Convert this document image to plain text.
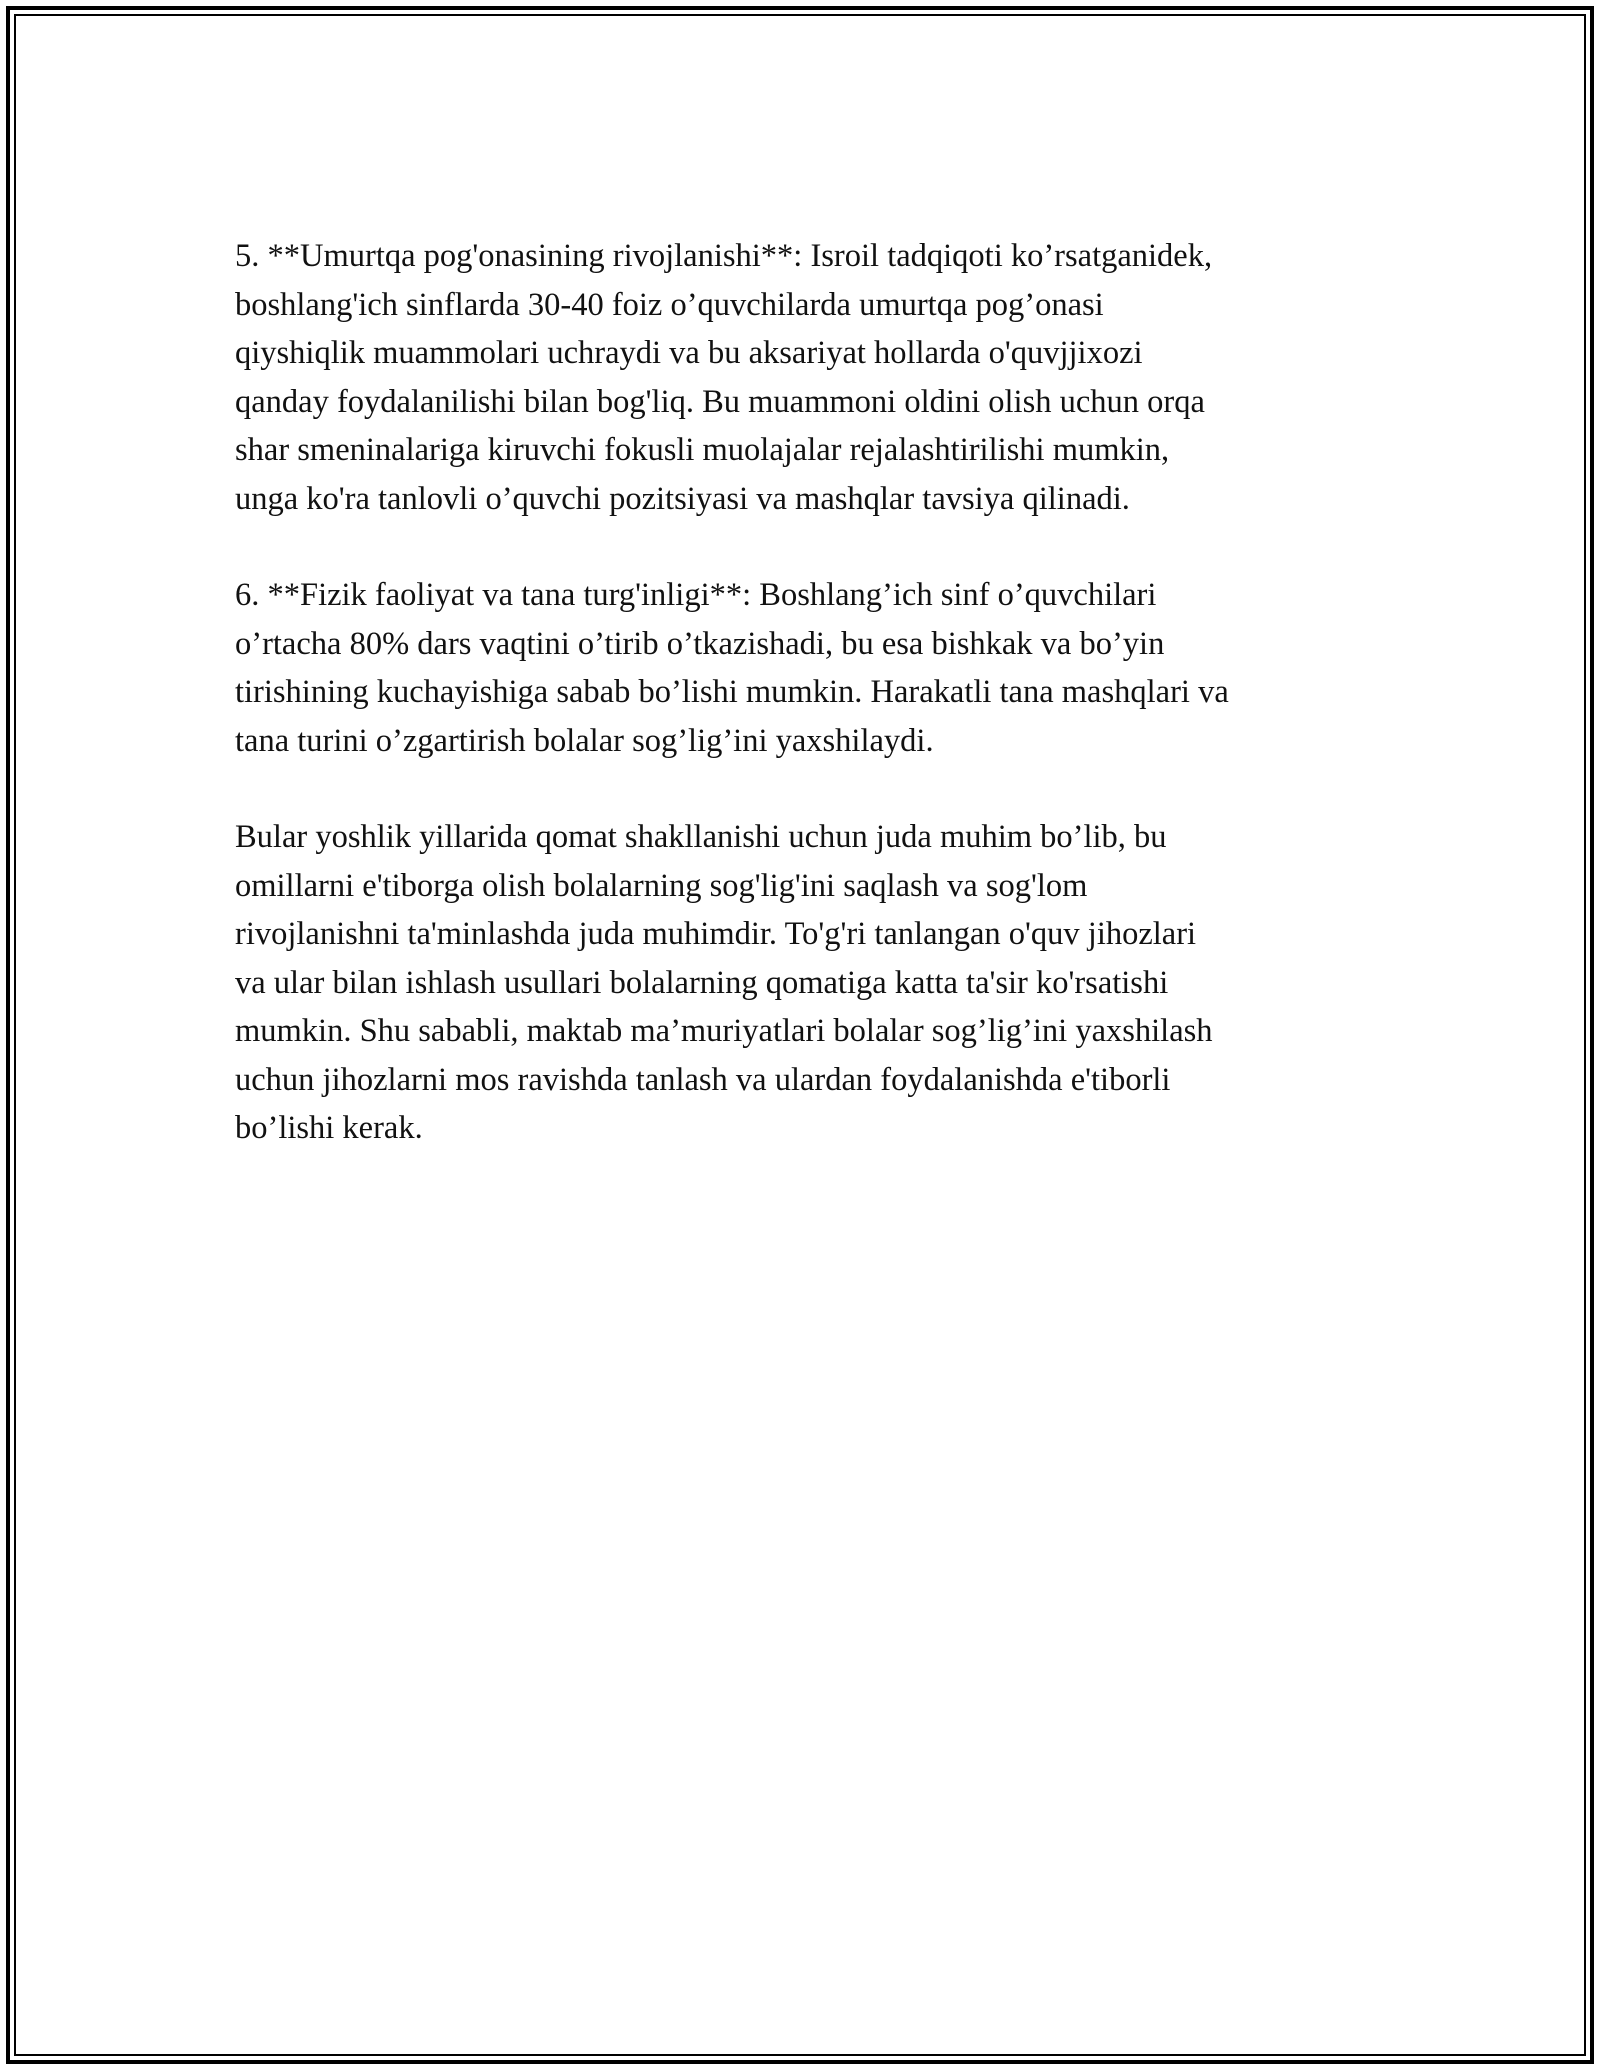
5. **Umurtqa pog'onasining rivojlanishi**: Isroil tadqiqoti ko’rsatganidek,
boshlang'ich sinflarda 30-40 foiz o’quvchilarda umurtqa pog’onasi
qiyshiqlik muammolari uchraydi va bu aksariyat hollarda o'quvjjixozi
qanday foydalanilishi bilan bog'liq. Bu muammoni oldini olish uchun orqa
shar smeninalariga kiruvchi fokusli muolajalar rejalashtirilishi mumkin,
unga ko'ra tanlovli o’quvchi pozitsiyasi va mashqlar tavsiya qilinadi.

6. **Fizik faoliyat va tana turg'inligi**: Boshlang’ich sinf o’quvchilari
o’rtacha 80% dars vaqtini o’tirib o’tkazishadi, bu esa bishkak va bo’yin
tirishining kuchayishiga sabab bo’lishi mumkin. Harakatli tana mashqlari va
tana turini o’zgartirish bolalar sog’lig’ini yaxshilaydi.

Bular yoshlik yillarida qomat shakllanishi uchun juda muhim bo’lib, bu
omillarni e'tiborga olish bolalarning sog'lig'ini saqlash va sog'lom
rivojlanishni ta'minlashda juda muhimdir. To'g'ri tanlangan o'quv jihozlari
va ular bilan ishlash usullari bolalarning qomatiga katta ta'sir ko'rsatishi
mumkin. Shu sababli, maktab ma’muriyatlari bolalar sog’lig’ini yaxshilash
uchun jihozlarni mos ravishda tanlash va ulardan foydalanishda e'tiborli
bo’lishi kerak.
